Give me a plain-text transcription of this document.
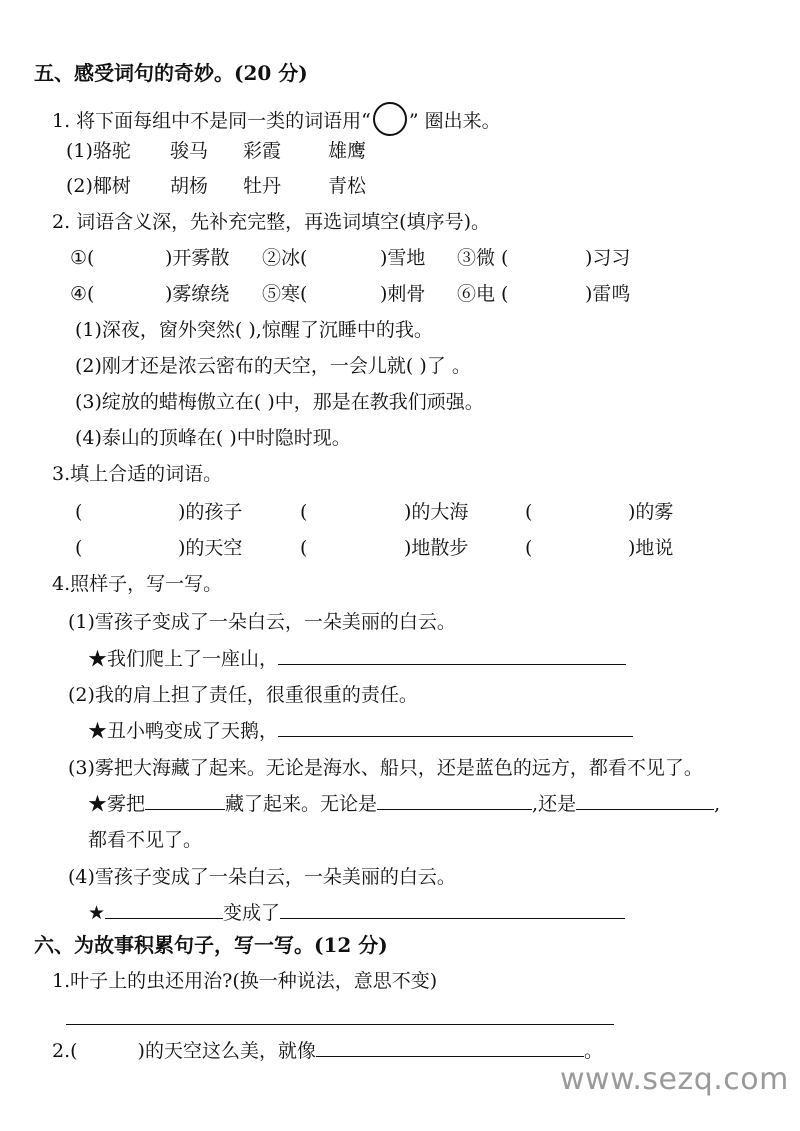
五、感受词句的奇妙。(20 分)
1. 将下面每组中不是同一类的词语用“ ” 圈出来。
(1)骆驼 骏马 彩霞 雄鹰
(2)椰树 胡杨 牡丹 青松
2. 词语含义深，先补充完整，再选词填空(填序号)。
①(	)开雾散 ②冰(	)雪地 ③微 (	)习习
④(	)雾缭绕 ⑤寒(	)刺骨 ⑥电 (	)雷鸣
(1)深夜，窗外突然( ),惊醒了沉睡中的我。
(2)刚才还是浓云密布的天空，一会儿就( )了 。
(3)绽放的蜡梅傲立在( )中，那是在教我们顽强。
(4)泰山的顶峰在( )中时隐时现。
3.填上合适的词语。
(	)的孩子	(	)的大海	(	)的雾
(	)的天空	(	)地散步	(	)地说
4.照样子，写一写。
(1)雪孩子变成了一朵白云，一朵美丽的白云。
★我们爬上了一座山，
(2)我的肩上担了责任，很重很重的责任。
★丑小鸭变成了天鹅，
(3)雾把大海藏了起来。无论是海水、船只，还是蓝色的远方，都看不见了。
★雾把	藏了起来。无论是	,还是	,
都看不见了。
(4)雪孩子变成了一朵白云，一朵美丽的白云。
★	变成了
六、为故事积累句子，写一写。(12 分)
1.叶子上的虫还用治?(换一种说法，意思不变)
2.(	)的天空这么美，就像	。
www.sezq.com
